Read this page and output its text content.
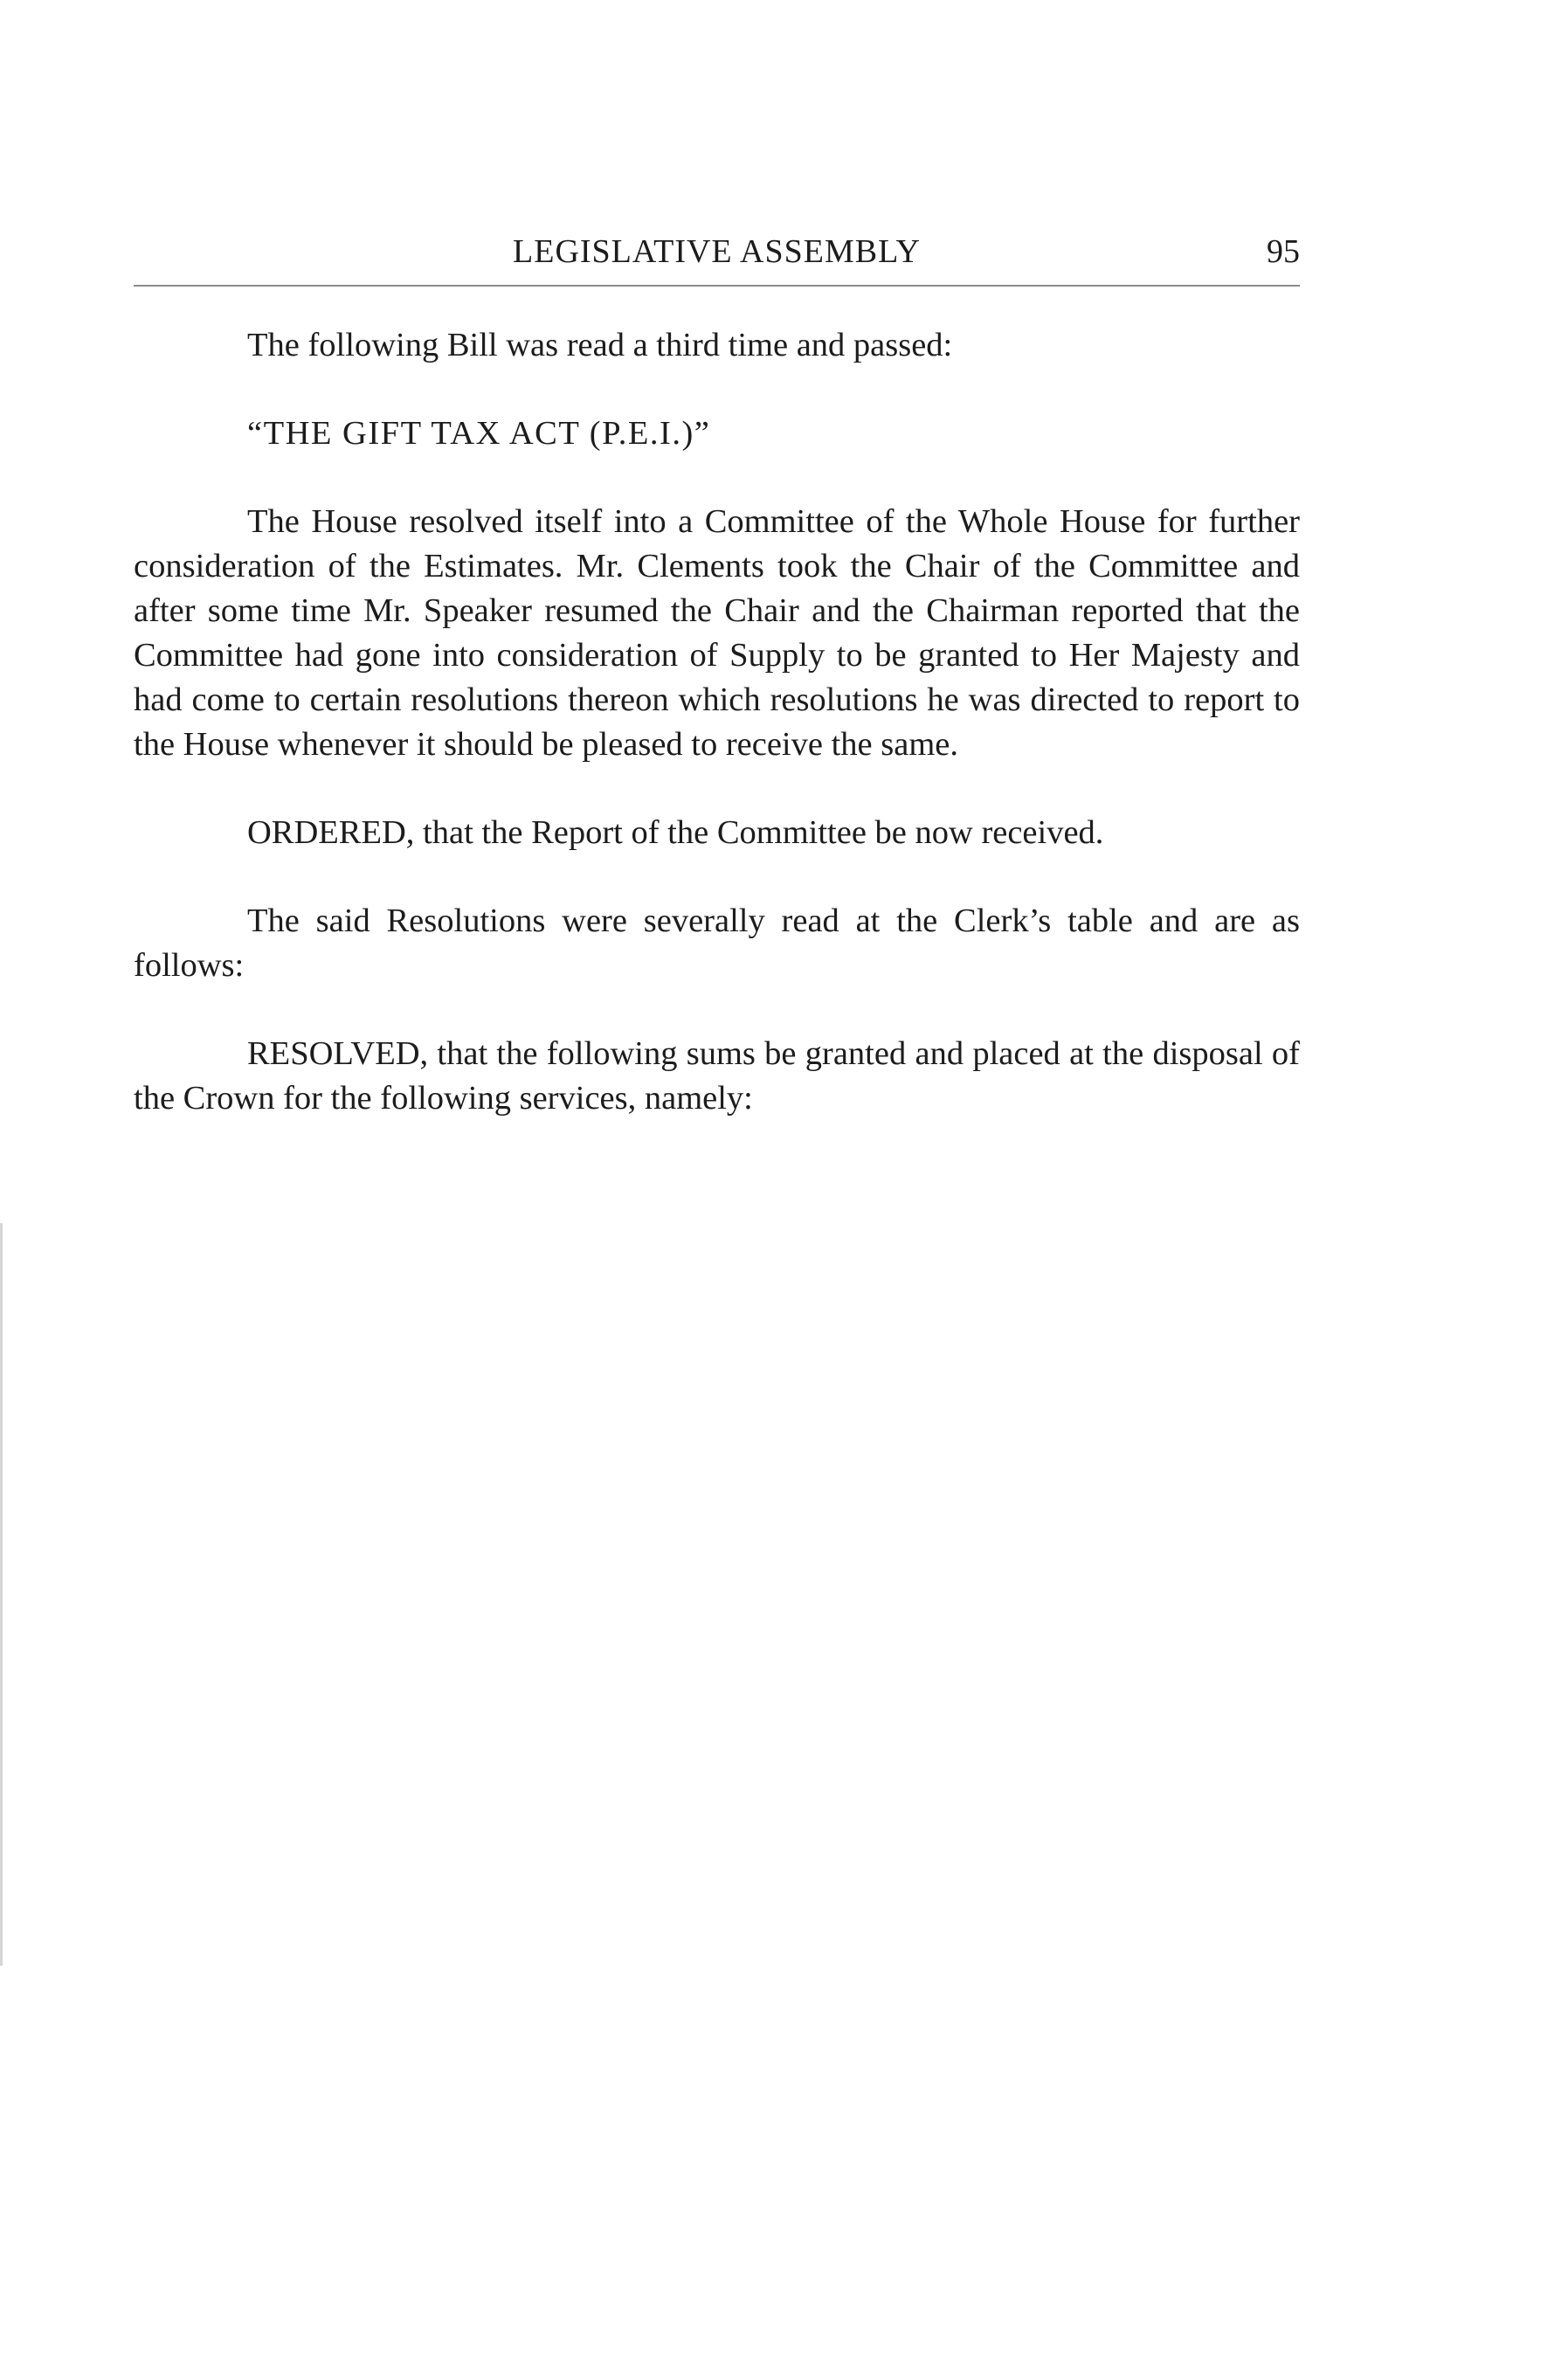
LEGISLATIVE ASSEMBLY	95

The following Bill was read a third time and passed:

“THE GIFT TAX ACT (P.E.I.)”

The House resolved itself into a Committee of the Whole House for further consideration of the Estimates. Mr. Clements took the Chair of the Committee and after some time Mr. Speaker resumed the Chair and the Chairman reported that the Committee had gone into consideration of Supply to be granted to Her Majesty and had come to certain resolutions thereon which resolutions he was directed to report to the House whenever it should be pleased to receive the same.

ORDERED, that the Report of the Committee be now received.

The said Resolutions were severally read at the Clerk’s table and are as follows:

RESOLVED, that the following sums be granted and placed at the disposal of the Crown for the following services, namely:
